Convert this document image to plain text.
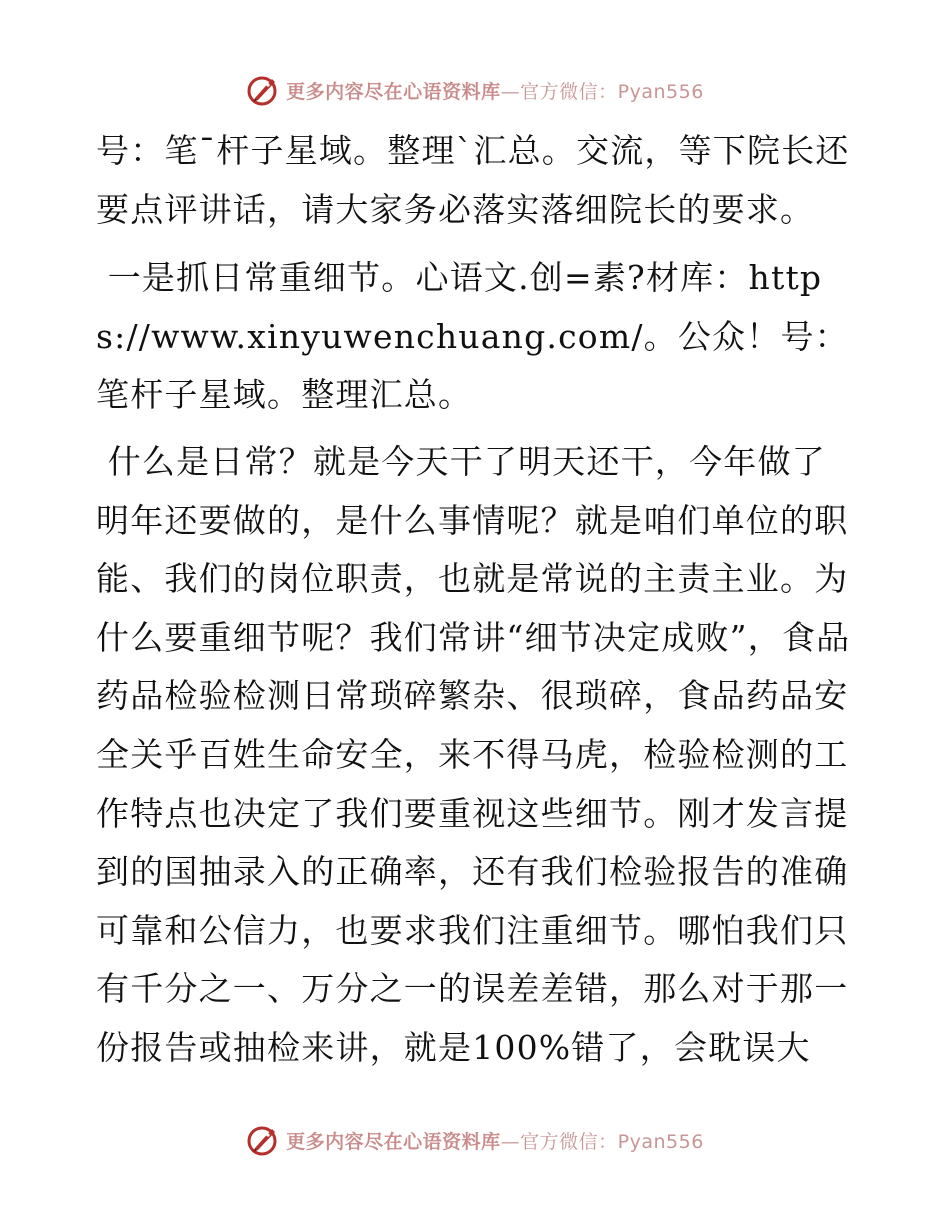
更多内容尽在心语资料库—官方微信：Pyan556

号：笔¯杆子星域。整理`汇总。交流，等下院长还要点评讲话，请大家务必落实落细院长的要求。

一是抓日常重细节。心语文.创=素?材库：https://www.xinyuwenchuang.com/。公众！号：笔杆子星域。整理汇总。

什么是日常？就是今天干了明天还干，今年做了明年还要做的，是什么事情呢？就是咱们单位的职能、我们的岗位职责，也就是常说的主责主业。为什么要重细节呢？我们常讲“细节决定成败”，食品药品检验检测日常琐碎繁杂、很琐碎，食品药品安全关乎百姓生命安全，来不得马虎，检验检测的工作特点也决定了我们要重视这些细节。刚才发言提到的国抽录入的正确率，还有我们检验报告的准确可靠和公信力，也要求我们注重细节。哪怕我们只有千分之一、万分之一的误差差错，那么对于那一份报告或抽检来讲，就是100%错了，会耽误大

更多内容尽在心语资料库—官方微信：Pyan556
